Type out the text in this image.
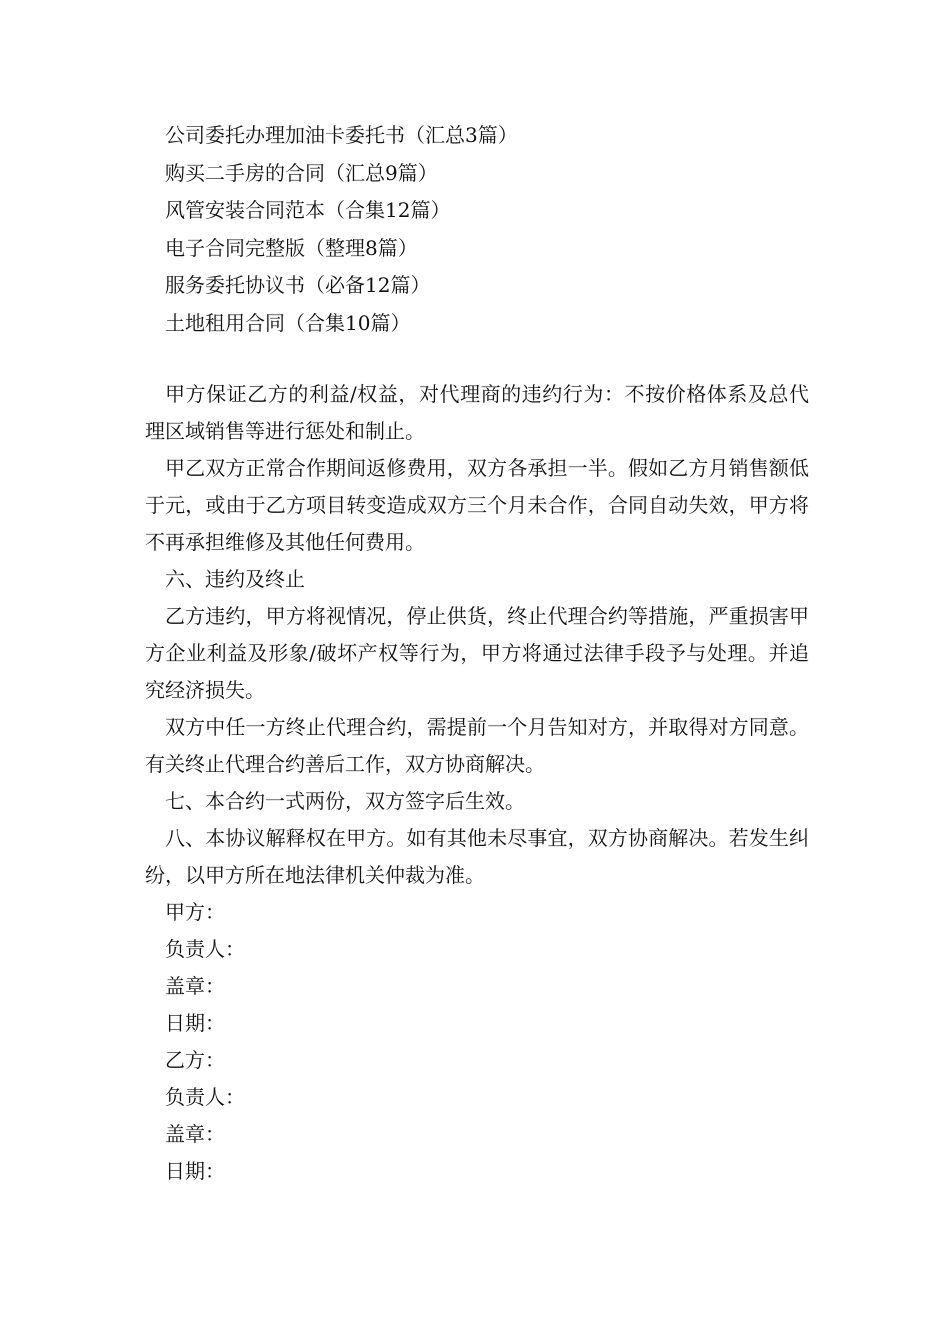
公司委托办理加油卡委托书（汇总3篇）
购买二手房的合同（汇总9篇）
风管安装合同范本（合集12篇）
电子合同完整版（整理8篇）
服务委托协议书（必备12篇）
土地租用合同（合集10篇）

甲方保证乙方的利益/权益，对代理商的违约行为：不按价格体系及总代理区域销售等进行惩处和制止。

甲乙双方正常合作期间返修费用，双方各承担一半。假如乙方月销售额低于元，或由于乙方项目转变造成双方三个月未合作，合同自动失效，甲方将不再承担维修及其他任何费用。

六、违约及终止

乙方违约，甲方将视情况，停止供货，终止代理合约等措施，严重损害甲方企业利益及形象/破坏产权等行为，甲方将通过法律手段予与处理。并追究经济损失。

双方中任一方终止代理合约，需提前一个月告知对方，并取得对方同意。有关终止代理合约善后工作，双方协商解决。

七、本合约一式两份，双方签字后生效。

八、本协议解释权在甲方。如有其他未尽事宜，双方协商解决。若发生纠纷，以甲方所在地法律机关仲裁为准。

甲方：

负责人：

盖章：

日期：

乙方：

负责人：

盖章：

日期：
